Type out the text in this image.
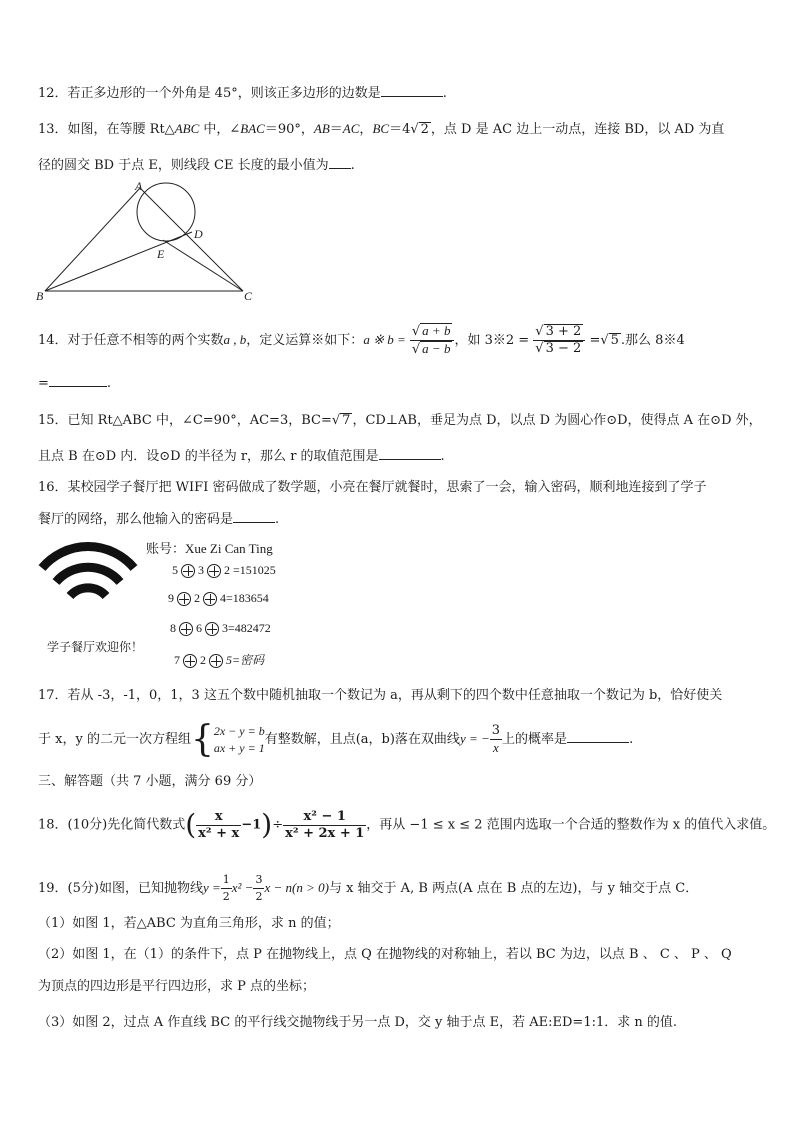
12．若正多边形的一个外角是 45°，则该正多边形的边数是	.
13．如图，在等腰 Rt△ABC 中，∠BAC＝90°，AB＝AC，BC＝4√ 2 ，点 D 是 AC 边上一动点，连接 BD，以 AD 为直
径的圆交 BD 于点 E，则线段 CE 长度的最小值为 .
A
B	C
D
E
14．对于任意不相等的两个实数a , b，定义运算※如下：a ※ $b = \frac{√ a + b}{√ a - b}$ ，如 3※2 = $\frac{√ 3 + 2}{√ 3 - 2}$ =√ 5 .那么 8※4
=	.
15．已知 Rt△ABC 中，∠C=90°，AC=3，BC=√ 7 ，CD⊥AB，垂足为点 D，以点 D 为圆心作⊙D，使得点 A 在⊙D 外，
且点 B 在⊙D 内．设⊙D 的半径为 r，那么 r 的取值范围是	.
16．某校园学子餐厅把 WIFI 密码做成了数学题，小亮在餐厅就餐时，思索了一会，输入密码，顺利地连接到了学子
餐厅的网络，那么他输入的密码是	.
学子餐厅欢迎你！
账号：Xue Zi Can Ting
5 3 2 =151025
9 2 4=183654
8 6 3=482472
7 2 5=密码
17．若从 -3，-1，0，1，3 这五个数中随机抽取一个数记为 a，再从剩下的四个数中任意抽取一个数记为 b，恰好使关
于 x，y 的二元一次方程组{ 2x − y = b
ax + y = 1
有整数解，且点(a，b)落在双曲线y = − $\frac{3}{x}$ 上的概率是	.
三、解答题（共 7 小题，满分 69 分）
18．(10分)先化简代数式( $\frac{x}{\text{x² + x}} -1)\div \frac{\text{x² − 1}}{\text{x² + 2x + 1}}$ ，再从 −1 ≤ x ≤ 2 范围内选取一个合适的整数作为 x 的值代入求值。
19．(5分)如图，已知抛物线$y = \frac{1}{2} x^2 - \frac{3}{2}$ x − n(n > 0)与 x 轴交于 A, B 两点(A 点在 B 点的左边)，与 y 轴交于点 C．
（1）如图 1，若△ABC 为直角三角形，求 n 的值；
（2）如图 1，在（1）的条件下，点 P 在抛物线上，点 Q 在抛物线的对称轴上，若以 BC 为边，以点 B 、 C 、 P 、 Q
为顶点的四边形是平行四边形，求 P 点的坐标；
（3）如图 2，过点 A 作直线 BC 的平行线交抛物线于另一点 D，交 y 轴于点 E，若 AE:ED=1:1．求 n 的值.
